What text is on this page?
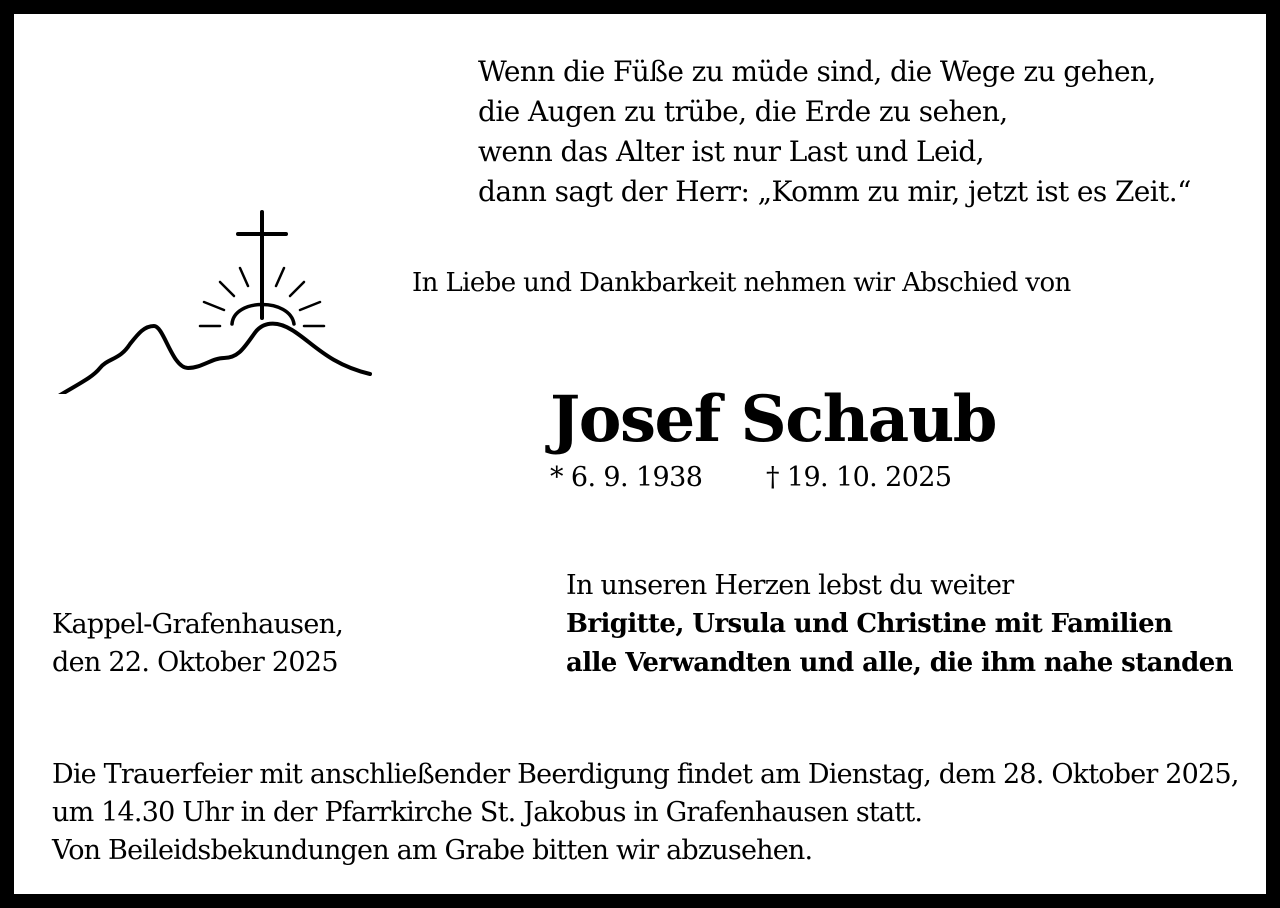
Wenn die Füße zu müde sind, die Wege zu gehen,
die Augen zu trübe, die Erde zu sehen,
wenn das Alter ist nur Last und Leid,
dann sagt der Herr: „Komm zu mir, jetzt ist es Zeit.“
In Liebe und Dankbarkeit nehmen wir Abschied von
Josef Schaub
* 6. 9. 1938 † 19. 10. 2025
Kappel-Grafenhausen,
den 22. Oktober 2025
In unseren Herzen lebst du weiter
Brigitte, Ursula und Christine mit Familien
alle Verwandten und alle, die ihm nahe standen
Die Trauerfeier mit anschließender Beerdigung findet am Dienstag, dem 28. Oktober 2025,
um 14.30 Uhr in der Pfarrkirche St. Jakobus in Grafenhausen statt.
Von Beileidsbekundungen am Grabe bitten wir abzusehen.
